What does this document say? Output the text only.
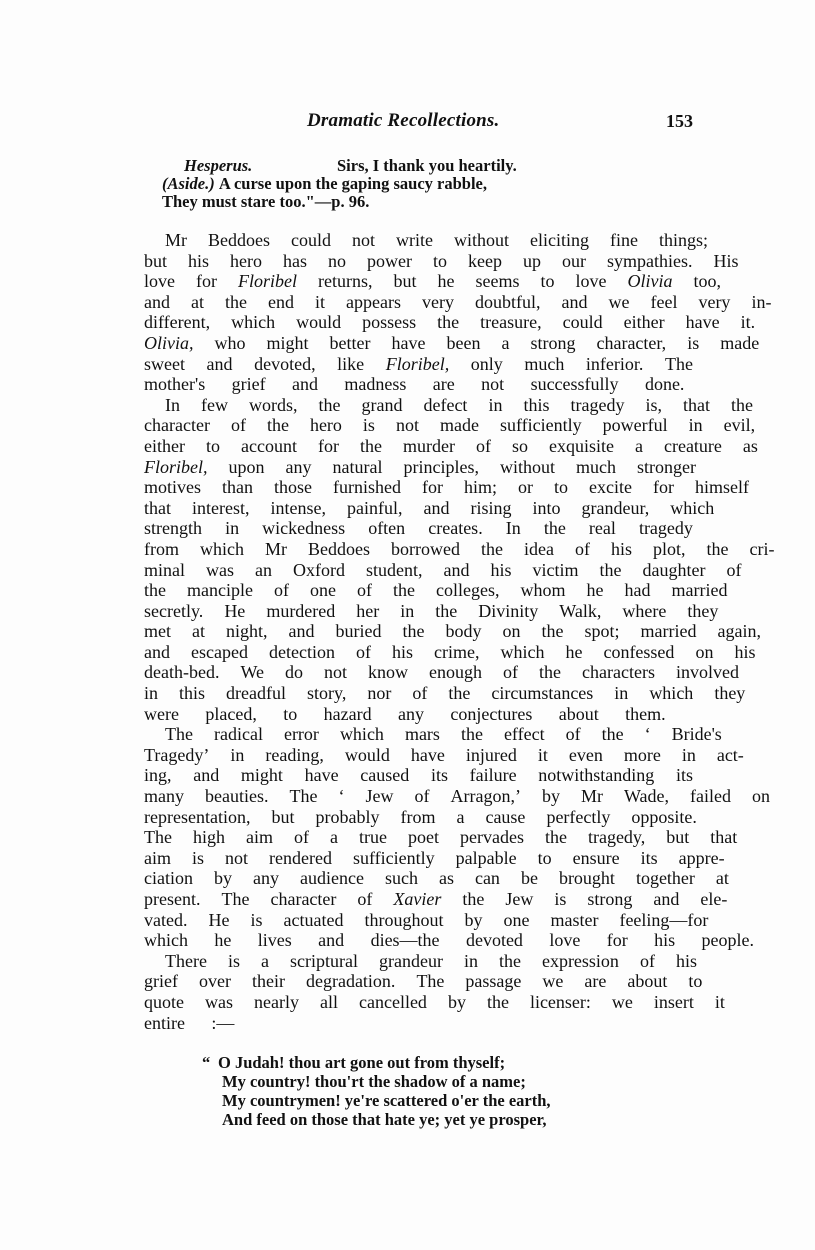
Dramatic Recollections.	153
Hesperus.	Sirs, I thank you heartily.
(Aside.) A curse upon the gaping saucy rabble,
They must stare too."—p. 96.
Mr	Beddoes	could	not	write	without	eliciting	fine	things;
but	his	hero	has	no	power	to	keep	up	our	sympathies.	His
love	for	Floribel	returns,	but	he	seems	to	love	Olivia	too,
and	at	the	end	it	appears	very	doubtful,	and	we	feel	very	in-
different,	which	would	possess	the	treasure,	could	either	have	it.
Olivia,	who	might	better	have	been	a	strong	character,	is	made
sweet	and	devoted,	like	Floribel,	only	much	inferior.	The
mother's	grief	and	madness	are	not	successfully	done.
In	few	words,	the	grand	defect	in	this	tragedy	is,	that	the
character	of	the	hero	is	not	made	sufficiently	powerful	in	evil,
either	to	account	for	the	murder	of	so	exquisite	a	creature	as
Floribel,	upon	any	natural	principles,	without	much	stronger
motives	than	those	furnished	for	him;	or	to	excite	for	himself
that	interest,	intense,	painful,	and	rising	into	grandeur,	which
strength	in	wickedness	often	creates.	In	the	real	tragedy
from	which	Mr	Beddoes	borrowed	the	idea	of	his	plot,	the	cri-
minal	was	an	Oxford	student,	and	his	victim	the	daughter	of
the	manciple	of	one	of	the	colleges,	whom	he	had	married
secretly.	He	murdered	her	in	the	Divinity	Walk,	where	they
met	at	night,	and	buried	the	body	on	the	spot;	married	again,
and	escaped	detection	of	his	crime,	which	he	confessed	on	his
death-bed.	We	do	not	know	enough	of	the	characters	involved
in	this	dreadful	story,	nor	of	the	circumstances	in	which	they
were	placed,	to	hazard	any	conjectures	about	them.
The	radical	error	which	mars	the	effect	of	the	‘	Bride's
Tragedy’	in	reading,	would	have	injured	it	even	more	in	act-
ing,	and	might	have	caused	its	failure	notwithstanding	its
many	beauties.	The	‘	Jew	of	Arragon,’	by	Mr	Wade,	failed	on
representation,	but	probably	from	a	cause	perfectly	opposite.
The	high	aim	of	a	true	poet	pervades	the	tragedy,	but	that
aim	is	not	rendered	sufficiently	palpable	to	ensure	its	appre-
ciation	by	any	audience	such	as	can	be	brought	together	at
present.	The	character	of	Xavier	the	Jew	is	strong	and	ele-
vated.	He	is	actuated	throughout	by	one	master	feeling—for
which	he	lives	and	dies—the	devoted	love	for	his	people.
There	is	a	scriptural	grandeur	in	the	expression	of	his
grief	over	their	degradation.	The	passage	we	are	about	to
quote	was	nearly	all	cancelled	by	the	licenser:	we	insert	it
entire	:—
“ O Judah! thou art gone out from thyself;
My country! thou'rt the shadow of a name;
My countrymen! ye're scattered o'er the earth,
And feed on those that hate ye; yet ye prosper,
